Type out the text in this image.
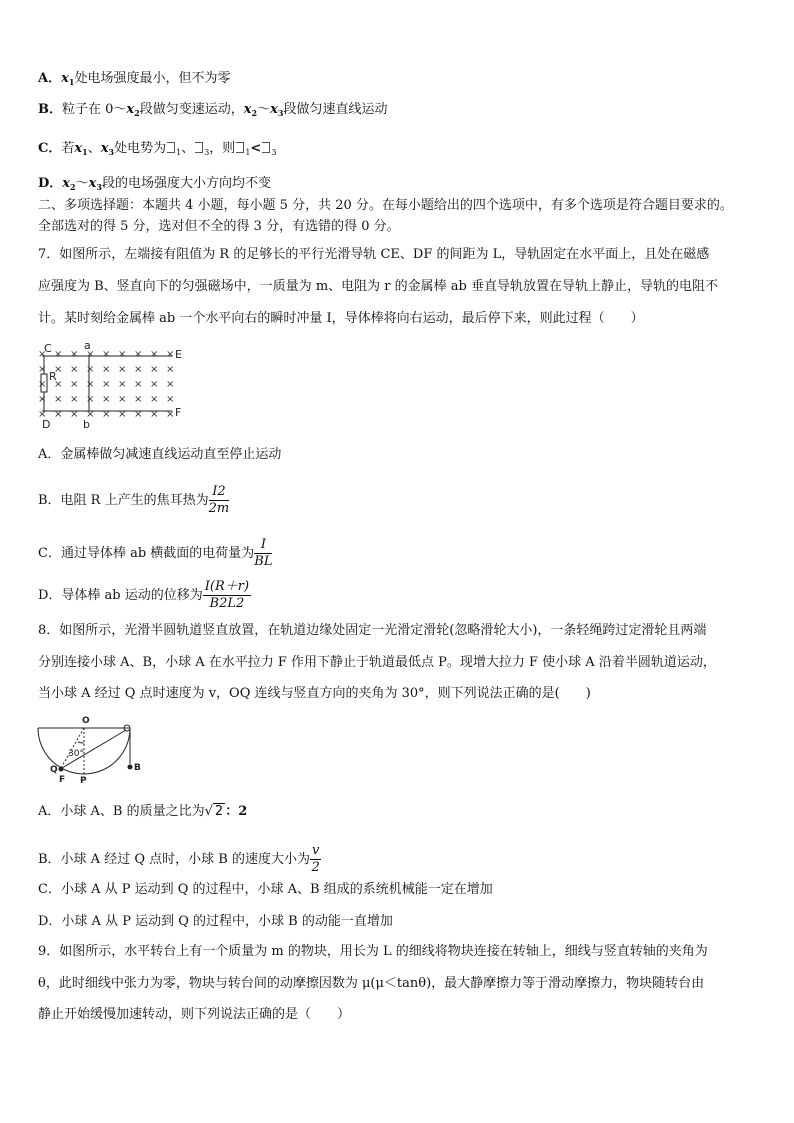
A．$x_1$处电场强度最小，但不为零
B．粒子在 $0\sim x_2$段做匀变速运动，$x_2\sim x_3$段做匀速直线运动
C．若$x_1$、$x_3$处电势为 $_1$、 $_3$，则 $_1$< $_3$
D．$x_2\sim x_3$段的电场强度大小方向均不变
二、多项选择题：本题共 4 小题，每小题 5 分，共 20 分。在每小题给出的四个选项中，有多个选项是符合题目要求的。
全部选对的得 5 分，选对但不全的得 3 分，有选错的得 0 分。
7．如图所示，左端接有阻值为 R 的足够长的平行光滑导轨 CE、DF 的间距为 L，导轨固定在水平面上，且处在磁感
应强度为 B、竖直向下的匀强磁场中，一质量为 m、电阻为 r 的金属棒 ab 垂直导轨放置在导轨上静止，导轨的电阻不
计。某时刻给金属棒 ab 一个水平向右的瞬时冲量 I，导体棒将向右运动，最后停下来，则此过程（　　）
C	a
E
R
D	b
F
× × × × × × × × ×
× × × × × × × ×
×
× × × × × × × ×
×
× × × × × × × ×
×
× × × × × × × × ×
A．金属棒做匀减速直线运动直至停止运动
B．电阻 R 上产生的焦耳热为 $\frac{I2}{2m}$
C．通过导体棒 ab 横截面的电荷量为 $\frac{I}{BL}$
D．导体棒 ab 运动的位移为 $\frac{I(R+r)}{B2L2}$
8．如图所示，光滑半圆轨道竖直放置，在轨道边缘处固定一光滑定滑轮(忽略滑轮大小)，一条轻绳跨过定滑轮且两端
分别连接小球 A、B，小球 A 在水平拉力 F 作用下静止于轨道最低点 P。现增大拉力 F 使小球 A 沿着半圆轨道运动，
当小球 A 经过 Q 点时速度为 v，OQ 连线与竖直方向的夹角为 30°，则下列说法正确的是(　　)
O
30°
Q
F P
B
A．小球 A、B 的质量之比为√ 2 ：2
B．小球 A 经过 Q 点时，小球 B 的速度大小为 $\frac{v}{2}$
C．小球 A 从 P 运动到 Q 的过程中，小球 A、B 组成的系统机械能一定在增加
D．小球 A 从 P 运动到 Q 的过程中，小球 B 的动能一直增加
9．如图所示，水平转台上有一个质量为 m 的物块，用长为 L 的细线将物块连接在转轴上，细线与竖直转轴的夹角为
θ，此时细线中张力为零，物块与转台间的动摩擦因数为 μ(μ＜tanθ)，最大静摩擦力等于滑动摩擦力，物块随转台由
静止开始缓慢加速转动，则下列说法正确的是（　　）
